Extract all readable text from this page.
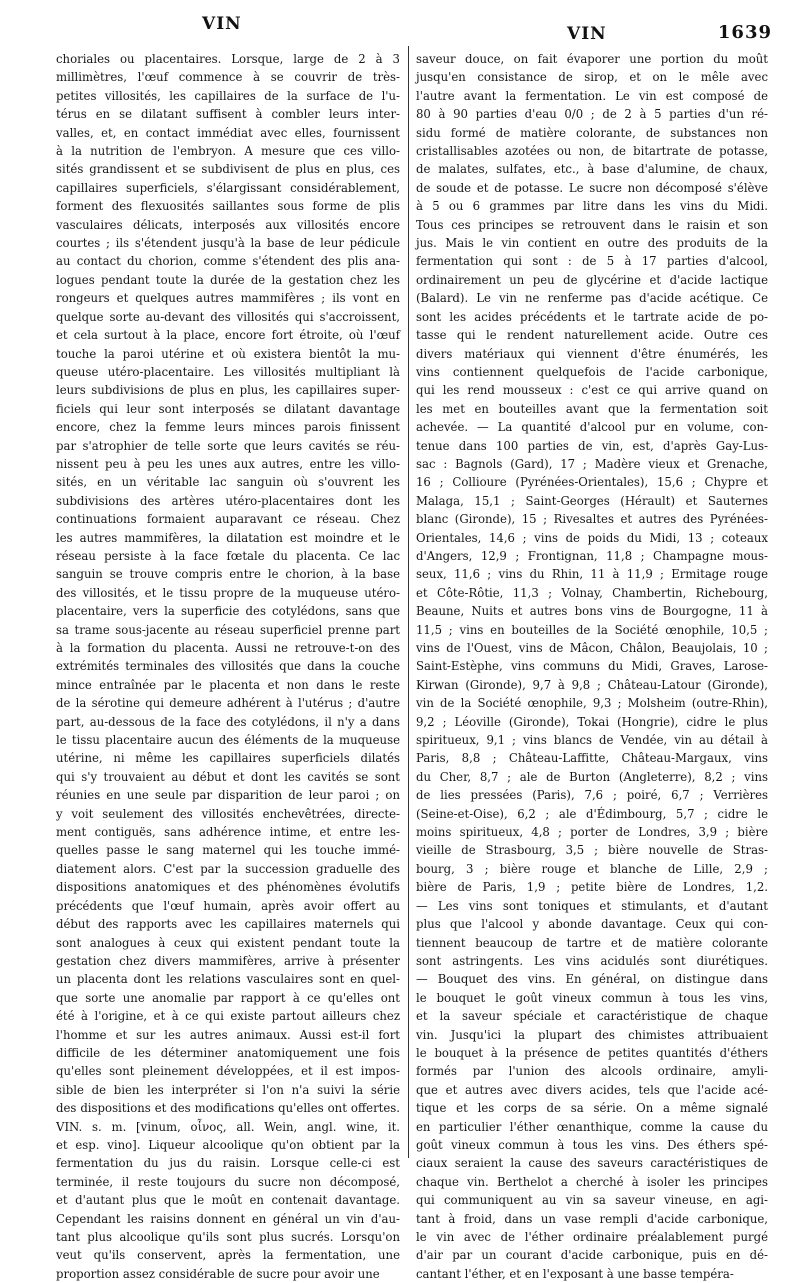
VIN	VIN	1639
choriales ou placentaires. Lorsque, large de 2 à 3
millimètres, l'œuf commence à se couvrir de très-
petites villosités, les capillaires de la surface de l'u-
térus en se dilatant suffisent à combler leurs inter-
valles, et, en contact immédiat avec elles, fournissent
à la nutrition de l'embryon. A mesure que ces villo-
sités grandissent et se subdivisent de plus en plus, ces
capillaires superficiels, s'élargissant considérablement,
forment des flexuosités saillantes sous forme de plis
vasculaires délicats, interposés aux villosités encore
courtes ; ils s'étendent jusqu'à la base de leur pédicule
au contact du chorion, comme s'étendent des plis ana-
logues pendant toute la durée de la gestation chez les
rongeurs et quelques autres mammifères ; ils vont en
quelque sorte au-devant des villosités qui s'accroissent,
et cela surtout à la place, encore fort étroite, où l'œuf
touche la paroi utérine et où existera bientôt la mu-
queuse utéro-placentaire. Les villosités multipliant là
leurs subdivisions de plus en plus, les capillaires super-
ficiels qui leur sont interposés se dilatant davantage
encore, chez la femme leurs minces parois finissent
par s'atrophier de telle sorte que leurs cavités se réu-
nissent peu à peu les unes aux autres, entre les villo-
sités, en un véritable lac sanguin où s'ouvrent les
subdivisions des artères utéro-placentaires dont les
continuations formaient auparavant ce réseau. Chez
les autres mammifères, la dilatation est moindre et le
réseau persiste à la face fœtale du placenta. Ce lac
sanguin se trouve compris entre le chorion, à la base
des villosités, et le tissu propre de la muqueuse utéro-
placentaire, vers la superficie des cotylédons, sans que
sa trame sous-jacente au réseau superficiel prenne part
à la formation du placenta. Aussi ne retrouve-t-on des
extrémités terminales des villosités que dans la couche
mince entraînée par le placenta et non dans le reste
de la sérotine qui demeure adhérent à l'utérus ; d'autre
part, au-dessous de la face des cotylédons, il n'y a dans
le tissu placentaire aucun des éléments de la muqueuse
utérine, ni même les capillaires superficiels dilatés
qui s'y trouvaient au début et dont les cavités se sont
réunies en une seule par disparition de leur paroi ; on
y voit seulement des villosités enchevêtrées, directe-
ment contiguës, sans adhérence intime, et entre les-
quelles passe le sang maternel qui les touche immé-
diatement alors. C'est par la succession graduelle des
dispositions anatomiques et des phénomènes évolutifs
précédents que l'œuf humain, après avoir offert au
début des rapports avec les capillaires maternels qui
sont analogues à ceux qui existent pendant toute la
gestation chez divers mammifères, arrive à présenter
un placenta dont les relations vasculaires sont en quel-
que sorte une anomalie par rapport à ce qu'elles ont
été à l'origine, et à ce qui existe partout ailleurs chez
l'homme et sur les autres animaux. Aussi est-il fort
difficile de les déterminer anatomiquement une fois
qu'elles sont pleinement développées, et il est impos-
sible de bien les interpréter si l'on n'a suivi la série
des dispositions et des modifications qu'elles ont offertes.
VIN. s. m. [vinum, οἶνος, all. Wein, angl. wine, it.
et esp. vino]. Liqueur alcoolique qu'on obtient par la
fermentation du jus du raisin. Lorsque celle-ci est
terminée, il reste toujours du sucre non décomposé,
et d'autant plus que le moût en contenait davantage.
Cependant les raisins donnent en général un vin d'au-
tant plus alcoolique qu'ils sont plus sucrés. Lorsqu'on
veut qu'ils conservent, après la fermentation, une
proportion assez considérable de sucre pour avoir une
saveur douce, on fait évaporer une portion du moût
jusqu'en consistance de sirop, et on le mêle avec
l'autre avant la fermentation. Le vin est composé de
80 à 90 parties d'eau 0/0 ; de 2 à 5 parties d'un ré-
sidu formé de matière colorante, de substances non
cristallisables azotées ou non, de bitartrate de potasse,
de malates, sulfates, etc., à base d'alumine, de chaux,
de soude et de potasse. Le sucre non décomposé s'élève
à 5 ou 6 grammes par litre dans les vins du Midi.
Tous ces principes se retrouvent dans le raisin et son
jus. Mais le vin contient en outre des produits de la
fermentation qui sont : de 5 à 17 parties d'alcool,
ordinairement un peu de glycérine et d'acide lactique
(Balard). Le vin ne renferme pas d'acide acétique. Ce
sont les acides précédents et le tartrate acide de po-
tasse qui le rendent naturellement acide. Outre ces
divers matériaux qui viennent d'être énumérés, les
vins contiennent quelquefois de l'acide carbonique,
qui les rend mousseux : c'est ce qui arrive quand on
les met en bouteilles avant que la fermentation soit
achevée. — La quantité d'alcool pur en volume, con-
tenue dans 100 parties de vin, est, d'après Gay-Lus-
sac : Bagnols (Gard), 17 ; Madère vieux et Grenache,
16 ; Collioure (Pyrénées-Orientales), 15,6 ; Chypre et
Malaga, 15,1 ; Saint-Georges (Hérault) et Sauternes
blanc (Gironde), 15 ; Rivesaltes et autres des Pyrénées-
Orientales, 14,6 ; vins de poids du Midi, 13 ; coteaux
d'Angers, 12,9 ; Frontignan, 11,8 ; Champagne mous-
seux, 11,6 ; vins du Rhin, 11 à 11,9 ; Ermitage rouge
et Côte-Rôtie, 11,3 ; Volnay, Chambertin, Richebourg,
Beaune, Nuits et autres bons vins de Bourgogne, 11 à
11,5 ; vins en bouteilles de la Société œnophile, 10,5 ;
vins de l'Ouest, vins de Mâcon, Châlon, Beaujolais, 10 ;
Saint-Estèphe, vins communs du Midi, Graves, Larose-
Kirwan (Gironde), 9,7 à 9,8 ; Château-Latour (Gironde),
vin de la Société œnophile, 9,3 ; Molsheim (outre-Rhin),
9,2 ; Léoville (Gironde), Tokai (Hongrie), cidre le plus
spiritueux, 9,1 ; vins blancs de Vendée, vin au détail à
Paris, 8,8 ; Château-Laffitte, Château-Margaux, vins
du Cher, 8,7 ; ale de Burton (Angleterre), 8,2 ; vins
de lies pressées (Paris), 7,6 ; poiré, 6,7 ; Verrières
(Seine-et-Oise), 6,2 ; ale d'Édimbourg, 5,7 ; cidre le
moins spiritueux, 4,8 ; porter de Londres, 3,9 ; bière
vieille de Strasbourg, 3,5 ; bière nouvelle de Stras-
bourg, 3 ; bière rouge et blanche de Lille, 2,9 ;
bière de Paris, 1,9 ; petite bière de Londres, 1,2.
— Les vins sont toniques et stimulants, et d'autant
plus que l'alcool y abonde davantage. Ceux qui con-
tiennent beaucoup de tartre et de matière colorante
sont astringents. Les vins acidulés sont diurétiques.
— Bouquet des vins. En général, on distingue dans
le bouquet le goût vineux commun à tous les vins,
et la saveur spéciale et caractéristique de chaque
vin. Jusqu'ici la plupart des chimistes attribuaient
le bouquet à la présence de petites quantités d'éthers
formés par l'union des alcools ordinaire, amyli-
que et autres avec divers acides, tels que l'acide acé-
tique et les corps de sa série. On a même signalé
en particulier l'éther œnanthique, comme la cause du
goût vineux commun à tous les vins. Des éthers spé-
ciaux seraient la cause des saveurs caractéristiques de
chaque vin. Berthelot a cherché à isoler les principes
qui communiquent au vin sa saveur vineuse, en agi-
tant à froid, dans un vase rempli d'acide carbonique,
le vin avec de l'éther ordinaire préalablement purgé
d'air par un courant d'acide carbonique, puis en dé-
cantant l'éther, et en l'exposant à une basse tempéra-
